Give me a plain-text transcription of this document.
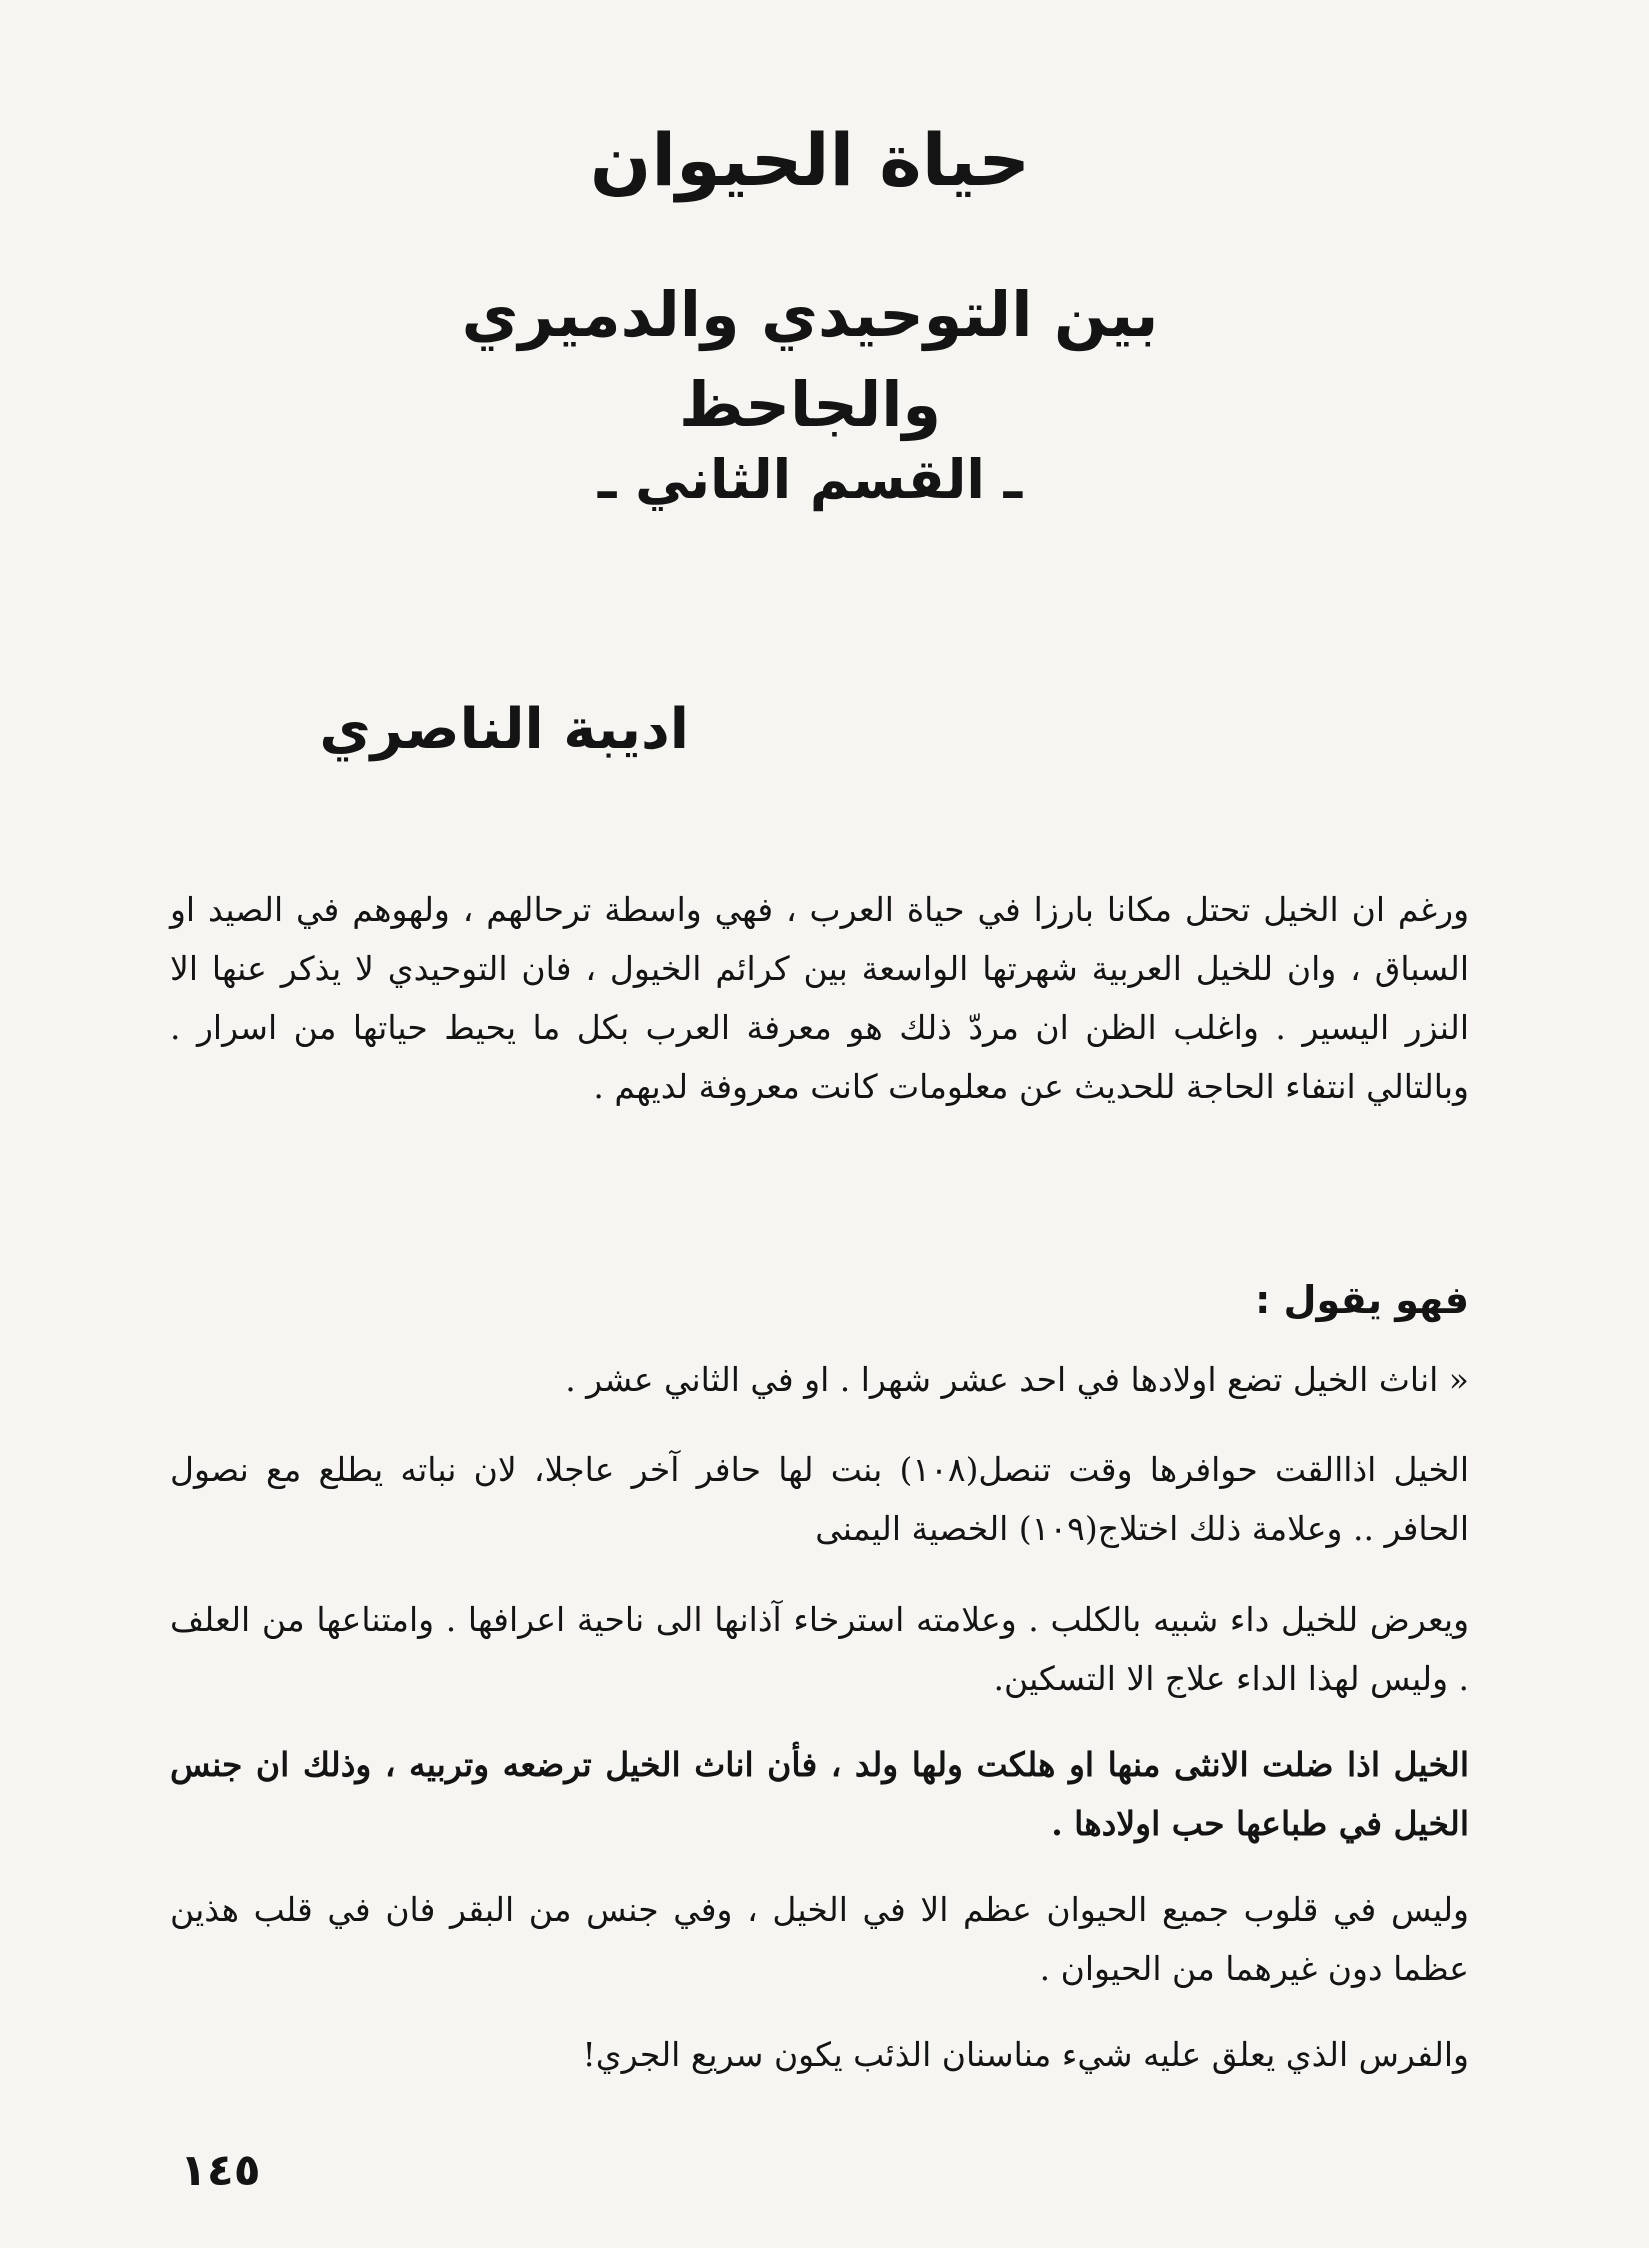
حياة الحيوان
بين التوحيدي والدميري والجاحظ
ـ القسم الثاني ـ
اديبة الناصري
ورغم ان الخيل تحتل مكانا بارزا في حياة العرب ، فهي واسطة ترحالهم ، ولهوهم في الصيد او السباق ، وان للخيل العربية شهرتها الواسعة بين كرائم الخيول ، فان التوحيدي لا يذكر عنها الا النزر اليسير . واغلب الظن ان مردّ ذلك هو معرفة العرب بكل ما يحيط حياتها من اسرار . وبالتالي انتفاء الحاجة للحديث عن معلومات كانت معروفة لديهم .
فهو يقول :
« اناث الخيل تضع اولادها في احد عشر شهرا . او في الثاني عشر .
الخيل اذاالقت حوافرها وقت تنصل(١٠٨) بنت لها حافر آخر عاجلا، لان نباته يطلع مع نصول الحافر .. وعلامة ذلك اختلاج(١٠٩) الخصية اليمنى
ويعرض للخيل داء شبيه بالكلب . وعلامته استرخاء آذانها الى ناحية اعرافها . وامتناعها من العلف . وليس لهذا الداء علاج الا التسكين.
الخيل اذا ضلت الانثى منها او هلكت ولها ولد ، فأن اناث الخيل ترضعه وتربيه ، وذلك ان جنس الخيل في طباعها حب اولادها .
وليس في قلوب جميع الحيوان عظم الا في الخيل ، وفي جنس من البقر فان في قلب هذين عظما دون غيرهما من الحيوان .
والفرس الذي يعلق عليه شيء مناسنان الذئب يكون سريع الجري!
١٤٥
